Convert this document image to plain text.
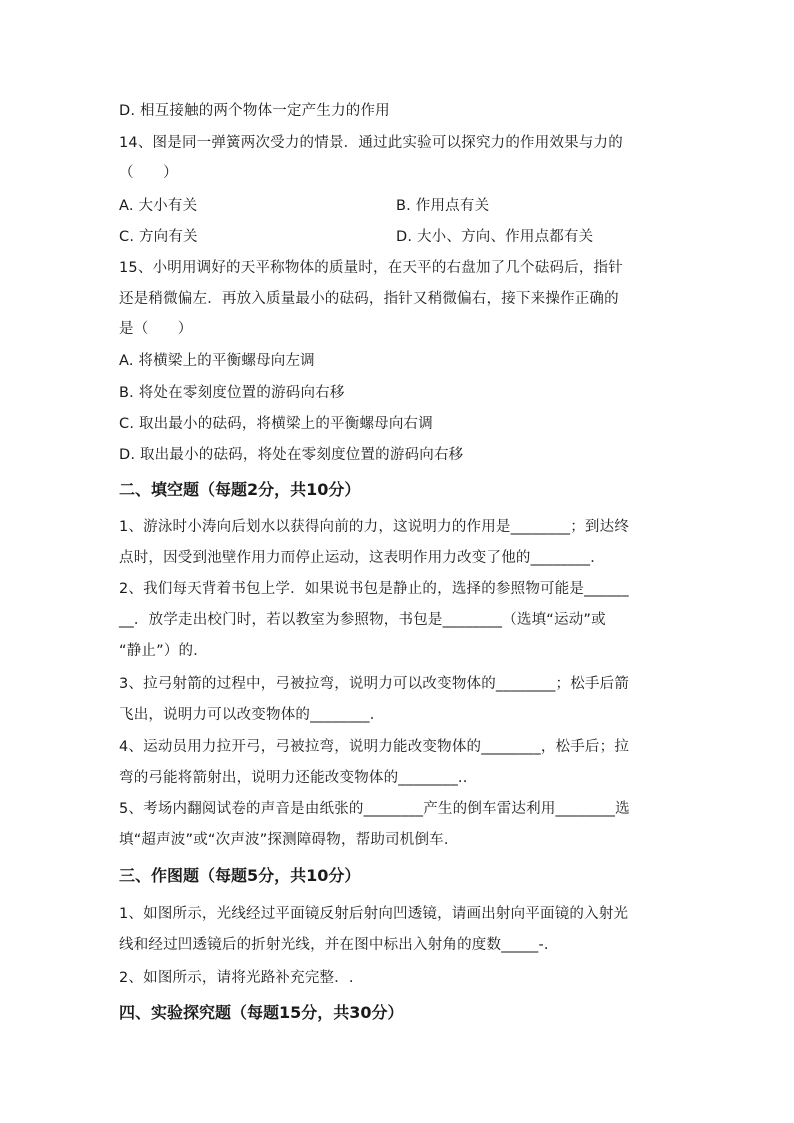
D. 相互接触的两个物体一定产生力的作用
14、图是同一弹簧两次受力的情景．通过此实验可以探究力的作用效果与力的
（　　）
A. 大小有关	B. 作用点有关
C. 方向有关	D. 大小、方向、作用点都有关
15、小明用调好的天平称物体的质量时，在天平的右盘加了几个砝码后，指针
还是稍微偏左．再放入质量最小的砝码，指针又稍微偏右，接下来操作正确的
是（　　）
A. 将横梁上的平衡螺母向左调
B. 将处在零刻度位置的游码向右移
C. 取出最小的砝码，将横梁上的平衡螺母向右调
D. 取出最小的砝码，将处在零刻度位置的游码向右移
二、填空题（每题2分，共10分）
1、游泳时小涛向后划水以获得向前的力，这说明力的作用是________；到达终
点时，因受到池壁作用力而停止运动，这表明作用力改变了他的________．
2、我们每天背着书包上学．如果说书包是静止的，选择的参照物可能是______
__．放学走出校门时，若以教室为参照物，书包是________（选填“运动”或
“静止”）的．
3、拉弓射箭的过程中，弓被拉弯，说明力可以改变物体的________；松手后箭
飞出，说明力可以改变物体的________．
4、运动员用力拉开弓，弓被拉弯，说明力能改变物体的________，松手后；拉
弯的弓能将箭射出，说明力还能改变物体的________..
5、考场内翻阅试卷的声音是由纸张的________产生的倒车雷达利用________选
填“超声波”或“次声波”探测障碍物，帮助司机倒车．
三、作图题（每题5分，共10分）
1、如图所示，光线经过平面镜反射后射向凹透镜，请画出射向平面镜的入射光
线和经过凹透镜后的折射光线，并在图中标出入射角的度数_____-.
2、如图所示，请将光路补充完整．.
四、实验探究题（每题15分，共30分）
